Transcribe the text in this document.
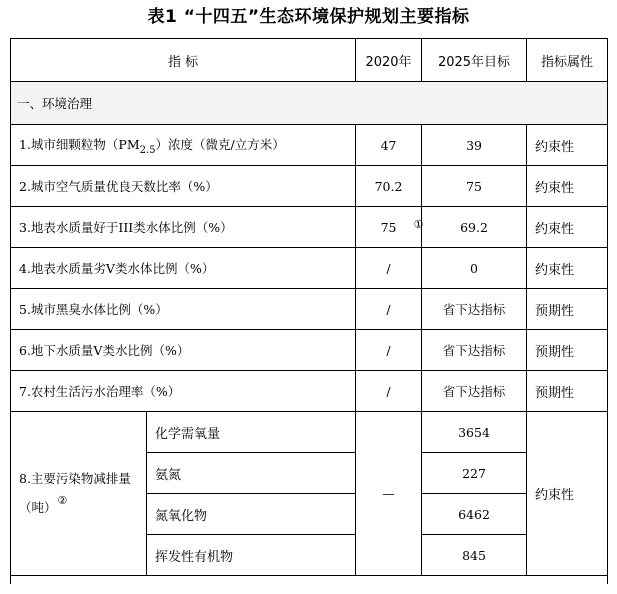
表1 “十四五”生态环境保护规划主要指标
指 标		2020年	2025年目标	指标属性
一、环境治理				
1.城市细颗粒物$(PM_{2.5})$浓度（微克/立方米）		47	39	约束性
2.城市空气质量优良天数比率（%）		70.2	75	约束性
3.地表水质量好于III类水体比例（%）		75 ①	69.2	约束性
4.地表水质量劣V类水体比例（%）		/	0	约束性
5.城市黑臭水体比例（%）		/	省下达指标	预期性
6.地下水质量V类水比例（%）		/	省下达指标	预期性
7.农村生活污水治理率（%）		/	省下达指标	预期性
8.主要污染物减排量（吨）②	化学需氧量	—	3654	约束性
	氨氮		227	
	氮氧化物		6462	
	挥发性有机物		845	
